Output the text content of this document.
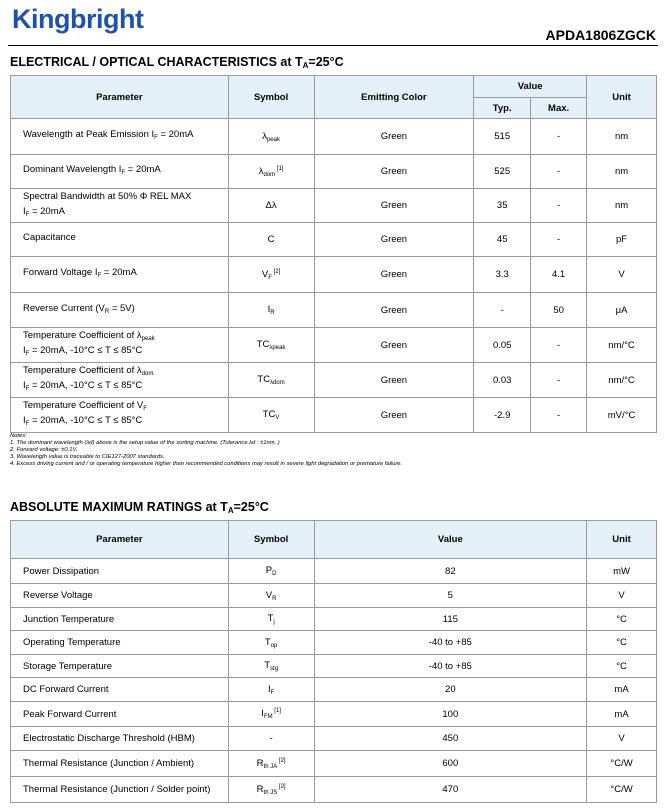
Kingbright
APDA1806ZGCK
ELECTRICAL / OPTICAL CHARACTERISTICS at $T_A=25^\circ C$
Parameter	Symbol	Emitting Color	Value		Unit
			Typ.	Max.	

Wavelength at Peak Emission $I_F = 20mA$	$\lambda_{peak}$	Green	515	-	nm

Dominant Wavelength $I_F = 20mA$	$\lambda_{dom}$ [1]	Green	525	-	nm

Spectral Bandwidth at 50% Φ REL MAX
$I_F = 20mA$	Δλ	Green	35	-	nm

Capacitance	C	Green	45	-	pF

Forward Voltage $I_F = 20mA$	$V_F$ [2]	Green	3.3	4.1	V

Reverse Current $(V_R = 5V)$	$I_R$	Green	-	50	μA

Temperature Coefficient of $\lambda_{peak}$
$I_F = 20mA$, -10°C ≤ T ≤ 85°C	$TC_{\lambda peak}$	Green	0.05	-	nm/°C

Temperature Coefficient of $\lambda_{dom}$
$I_F = 20mA$, -10°C ≤ T ≤ 85°C	$TC_{\lambda dom}$	Green	0.03	-	nm/°C

Temperature Coefficient of $V_F$
$I_F = 20mA$, -10°C ≤ T ≤ 85°C	$TC_V$	Green	-2.9	-	mV/°C
Notes:
1. The dominant wavelength (λd) above is the setup value of the sorting machine. (Tolerance λd : ±1nm. )
2. Forward voltage: ±0.1V.
3. Wavelength value is traceable to CIE127-2007 standards.
4. Excess driving current and / or operating temperature higher than recommended conditions may result in severe light degradation or premature failure.
ABSOLUTE MAXIMUM RATINGS at $T_A=25^\circ C$
Parameter	Symbol	Value	Unit
Power Dissipation	$P_D$	82	mW
Reverse Voltage	$V_R$	5	V
Junction Temperature	$T_j$	115	°C
Operating Temperature	$T_{op}$	-40 to +85	°C
Storage Temperature	$T_{stg}$	-40 to +85	°C
DC Forward Current	$I_F$	20	mA
Peak Forward Current	$I_{FM}$ [1]	100	mA
Electrostatic Discharge Threshold (HBM)	-	450	V
Thermal Resistance (Junction / Ambient)	$R_{th JA}$ [2]	600	°C/W
Thermal Resistance (Junction / Solder point)	$R_{th JS}$ [2]	470	°C/W
